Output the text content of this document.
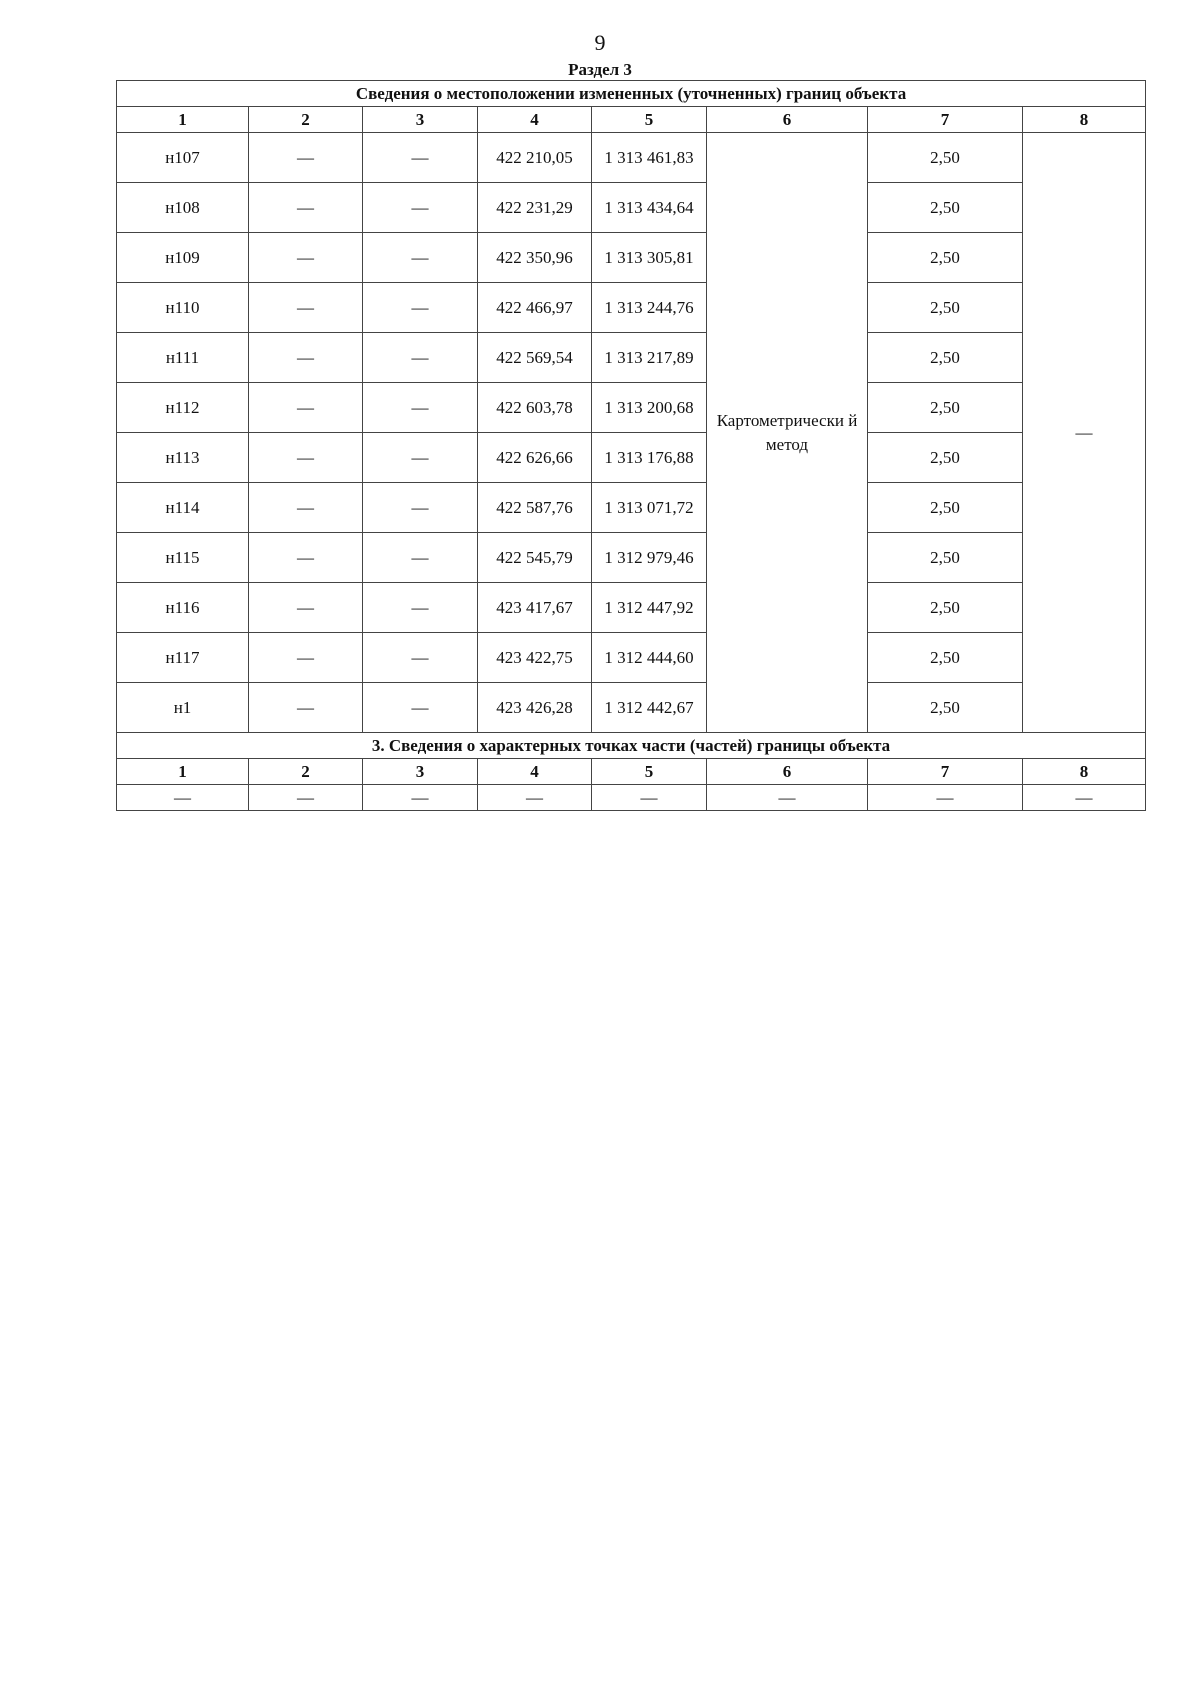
9
Раздел 3
Сведения о местоположении измененных (уточненных) границ объекта							
1	2	3	4	5	6	7	8
н107	—	—	422 210,05	1 313 461,83	Картометрически й метод	2,50	—
н108	—	—	422 231,29	1 313 434,64		2,50	
н109	—	—	422 350,96	1 313 305,81		2,50	
н110	—	—	422 466,97	1 313 244,76		2,50	
н111	—	—	422 569,54	1 313 217,89		2,50	
н112	—	—	422 603,78	1 313 200,68		2,50	
н113	—	—	422 626,66	1 313 176,88		2,50	
н114	—	—	422 587,76	1 313 071,72		2,50	
н115	—	—	422 545,79	1 312 979,46		2,50	
н116	—	—	423 417,67	1 312 447,92		2,50	
н117	—	—	423 422,75	1 312 444,60		2,50	
н1	—	—	423 426,28	1 312 442,67		2,50	
3. Сведения о характерных точках части (частей) границы объекта							
1	2	3	4	5	6	7	8
—	—	—	—	—	—	—	—
